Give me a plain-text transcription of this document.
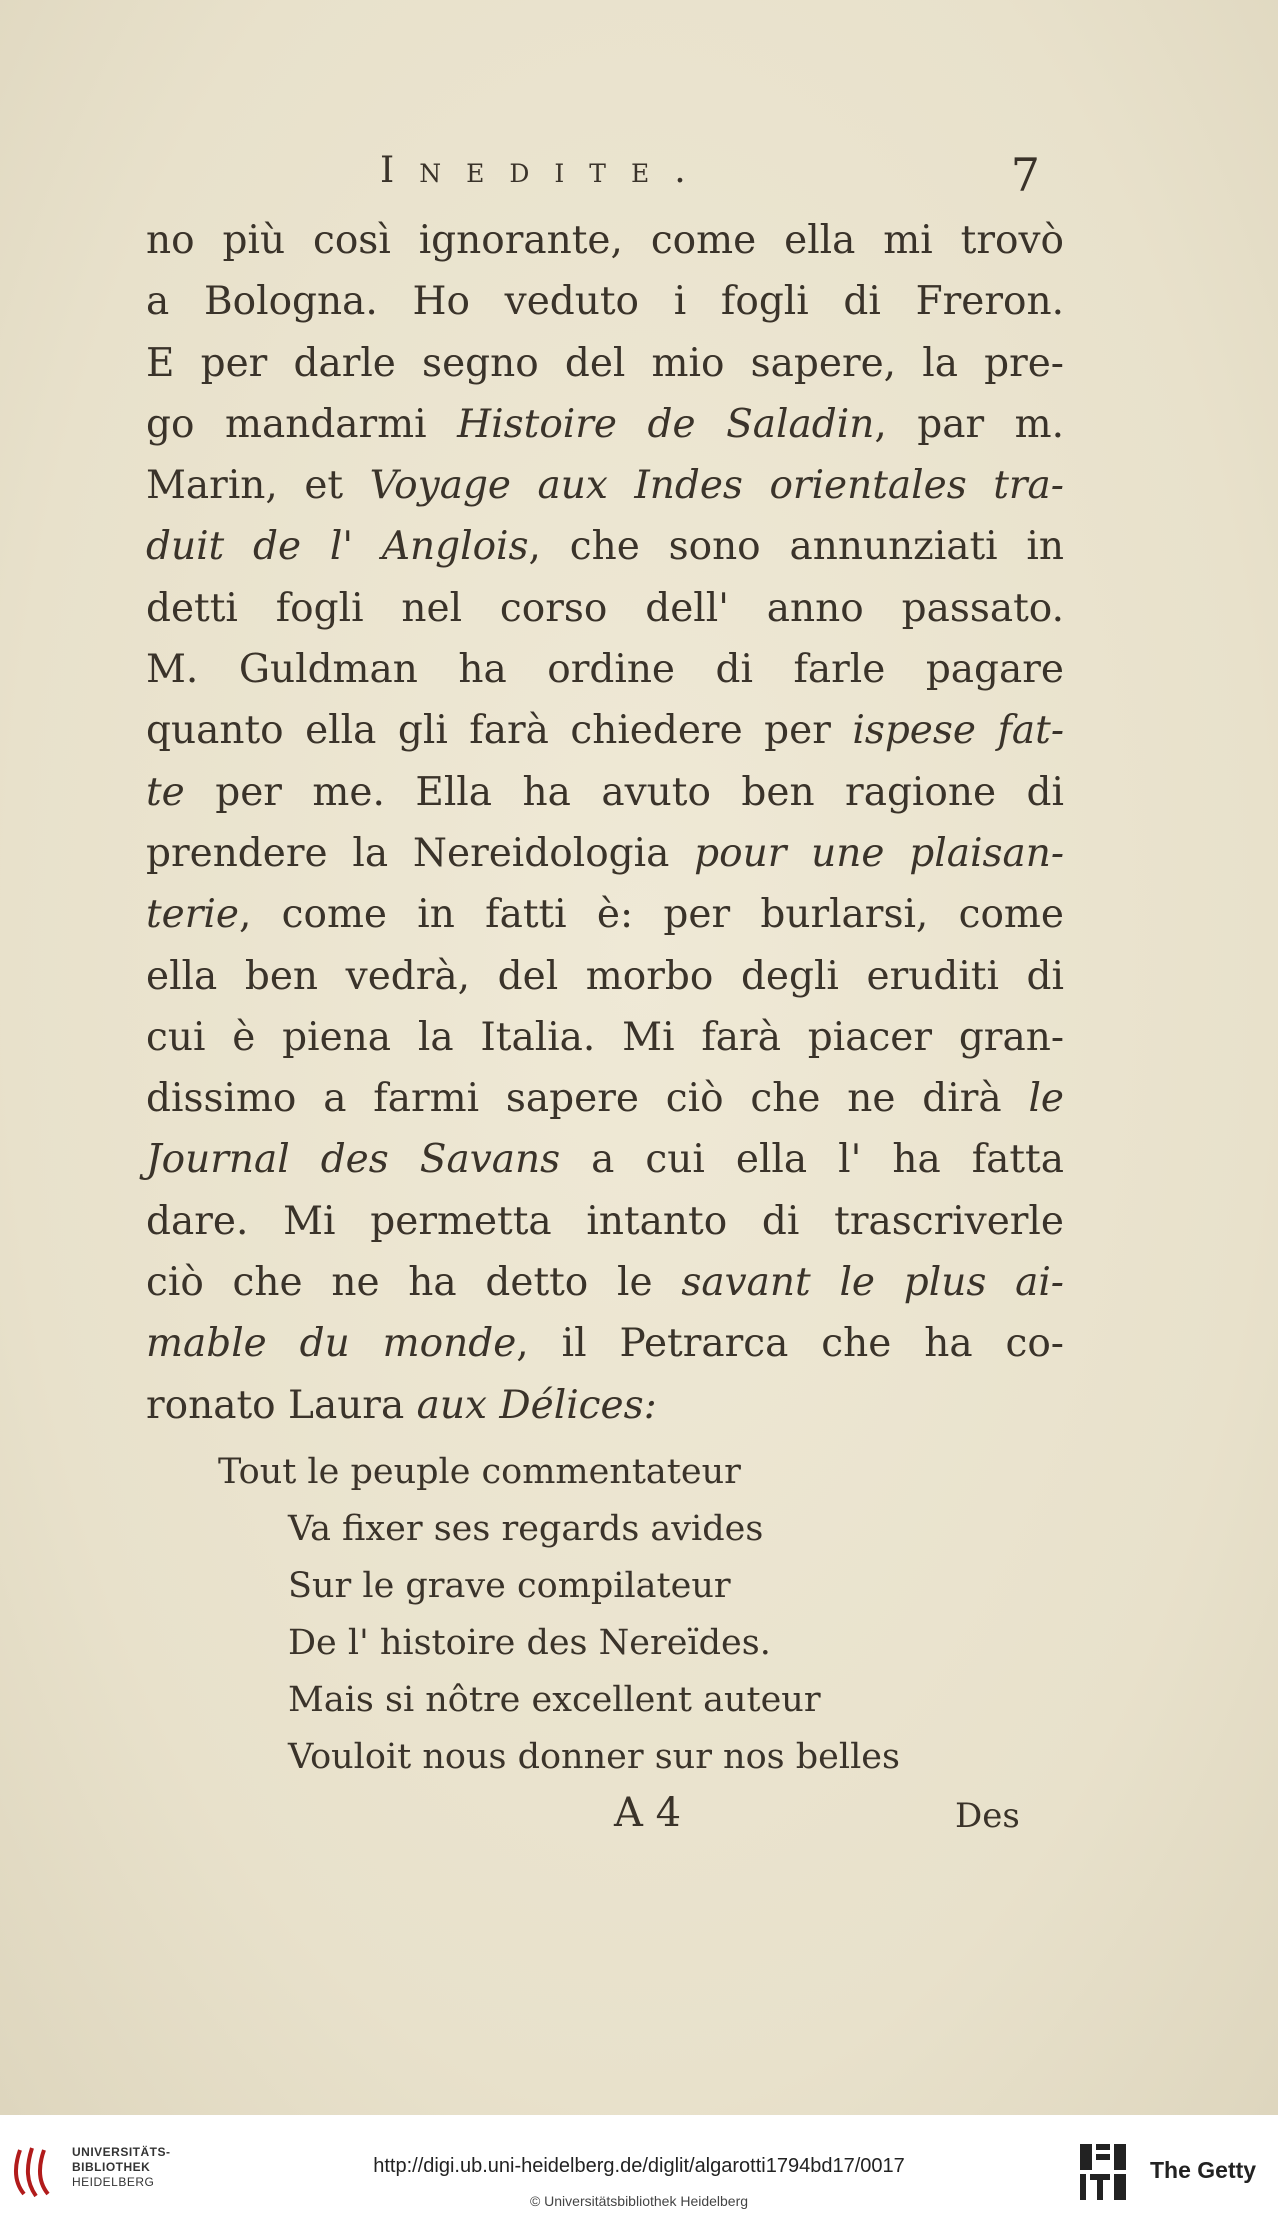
Inedite.	7
no più così ignorante, come ella mi trovò
a Bologna. Ho veduto i fogli di Freron.
E per darle segno del mio sapere, la pre-
go mandarmi Histoire de Saladin, par m.
Marin, et Voyage aux Indes orientales tra-
duit de l' Anglois, che sono annunziati in
detti fogli nel corso dell' anno passato.
M. Guldman ha ordine di farle pagare
quanto ella gli farà chiedere per ispese fat-
te per me. Ella ha avuto ben ragione di
prendere la Nereidologia pour une plaisan-
terie, come in fatti è: per burlarsi, come
ella ben vedrà, del morbo degli eruditi di
cui è piena la Italia. Mi farà piacer gran-
dissimo a farmi sapere ciò che ne dirà le
Journal des Savans a cui ella l' ha fatta
dare. Mi permetta intanto di trascriverle
ciò che ne ha detto le savant le plus ai-
mable du monde, il Petrarca che ha co-
ronato Laura aux Délices:
Tout le peuple commentateur
Va fixer ses regards avides
Sur le grave compilateur
De l' histoire des Nereïdes.
Mais si nôtre excellent auteur
Vouloit nous donner sur nos belles
A 4	Des
UNIVERSITÄTS-
BIBLIOTHEK
HEIDELBERG
http://digi.ub.uni-heidelberg.de/diglit/algarotti1794bd17/0017
© Universitätsbibliothek Heidelberg
The Getty
